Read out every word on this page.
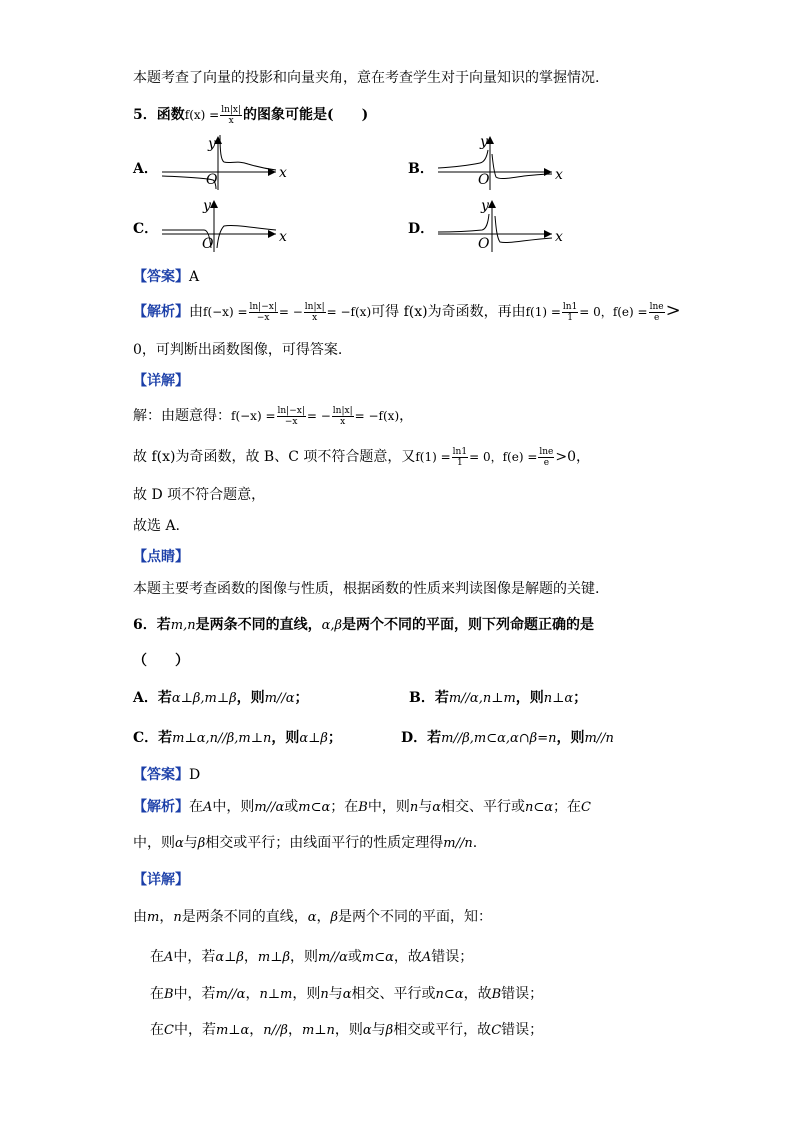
本题考查了向量的投影和向量夹角，意在考查学生对于向量知识的掌握情况.
5．函数$f(x) = \frac{\ln|x|}{x}$ 的图象可能是(　　)
A．	B．
C．	D．
O	x
y
O	x
y
O	x
y
O	x
y
【答案】A
【解析】由$f(-x) = \frac{\ln|-x|}{-x}$ = − $\frac{\ln|x|}{x} = -f(x)$可得 f(x)为奇函数，再由$f(1) = \frac{\ln 1}{1} = 0$，$f(e) = \frac{\ln e}{e}$ >
0，可判断出函数图像，可得答案.
【详解】
解：由题意得：$f(-x) = \frac{\ln|-x|}{-x}$ = − $\frac{\ln|x|}{x} = -f(x)$，
故 f(x)为奇函数，故 B、C 项不符合题意，又$f(1) = \frac{\ln 1}{1} = 0$，$f(e) = \frac{\ln e}{e} >0$，
故 D 项不符合题意，
故选 A.
【点睛】
本题主要考查函数的图像与性质，根据函数的性质来判读图像是解题的关键.
6．若m,n是两条不同的直线，α,β是两个不同的平面，则下列命题正确的是
（　　）
A．若α⊥β,m⊥β，则m//α；	B．若m//α,n⊥m，则n⊥α；
C．若m⊥α,n//β,m⊥n，则α⊥β；	D．若m//β,m⊂α,α∩β=n，则m//n
【答案】D
【解析】在A中，则m//α或m⊂α；在B中，则n与α相交、平行或n⊂α；在C
中，则α与β相交或平行；由线面平行的性质定理得m//n.
【详解】
由m，n是两条不同的直线，α，β是两个不同的平面，知：
在A中，若α⊥β，m⊥β，则m//α或m⊂α，故A错误；
在B中，若m//α，n⊥m，则n与α相交、平行或n⊂α，故B错误；
在C中，若m⊥α，n//β，m⊥n，则α与β相交或平行，故C错误；
